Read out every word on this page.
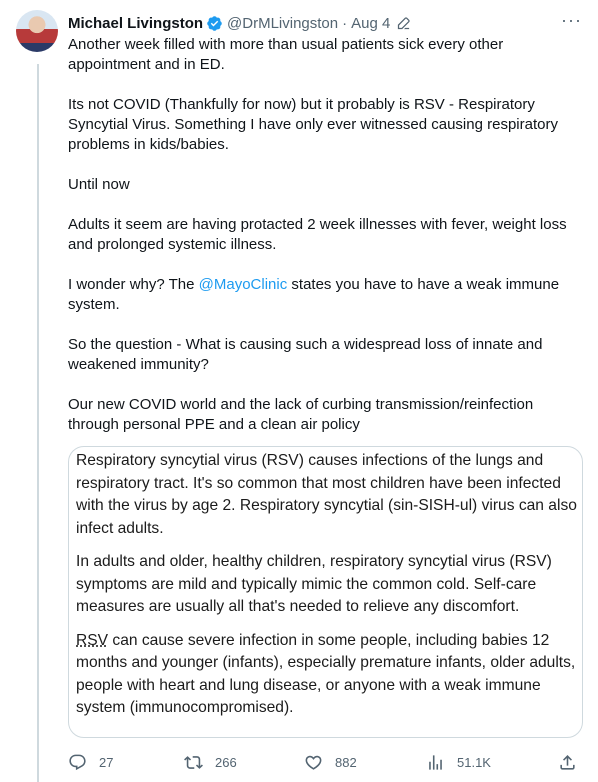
Michael Livingston @DrMLivingston · Aug 4	···

Another week filled with more than usual patients sick every other
appointment and in ED.

Its not COVID (Thankfully for now) but it probably is RSV - Respiratory
Syncytial Virus. Something I have only ever witnessed causing respiratory
problems in kids/babies.

Until now

Adults it seem are having protacted 2 week illnesses with fever, weight loss
and prolonged systemic illness.

I wonder why? The @MayoClinic states you have to have a weak immune
system.

So the question - What is causing such a widespread loss of innate and
weakened immunity?

Our new COVID world and the lack of curbing transmission/reinfection
through personal PPE and a clean air policy

Respiratory syncytial virus (RSV) causes infections of the lungs and respiratory tract. It's so common that most children have been infected with the virus by age 2. Respiratory syncytial (sin-SISH-ul) virus can also infect adults.

In adults and older, healthy children, respiratory syncytial virus (RSV) symptoms are mild and typically mimic the common cold. Self-care measures are usually all that's needed to relieve any discomfort.

RSV can cause severe infection in some people, including babies 12 months and younger (infants), especially premature infants, older adults, people with heart and lung disease, or anyone with a weak immune system (immunocompromised).

27	266	882	51.1K
